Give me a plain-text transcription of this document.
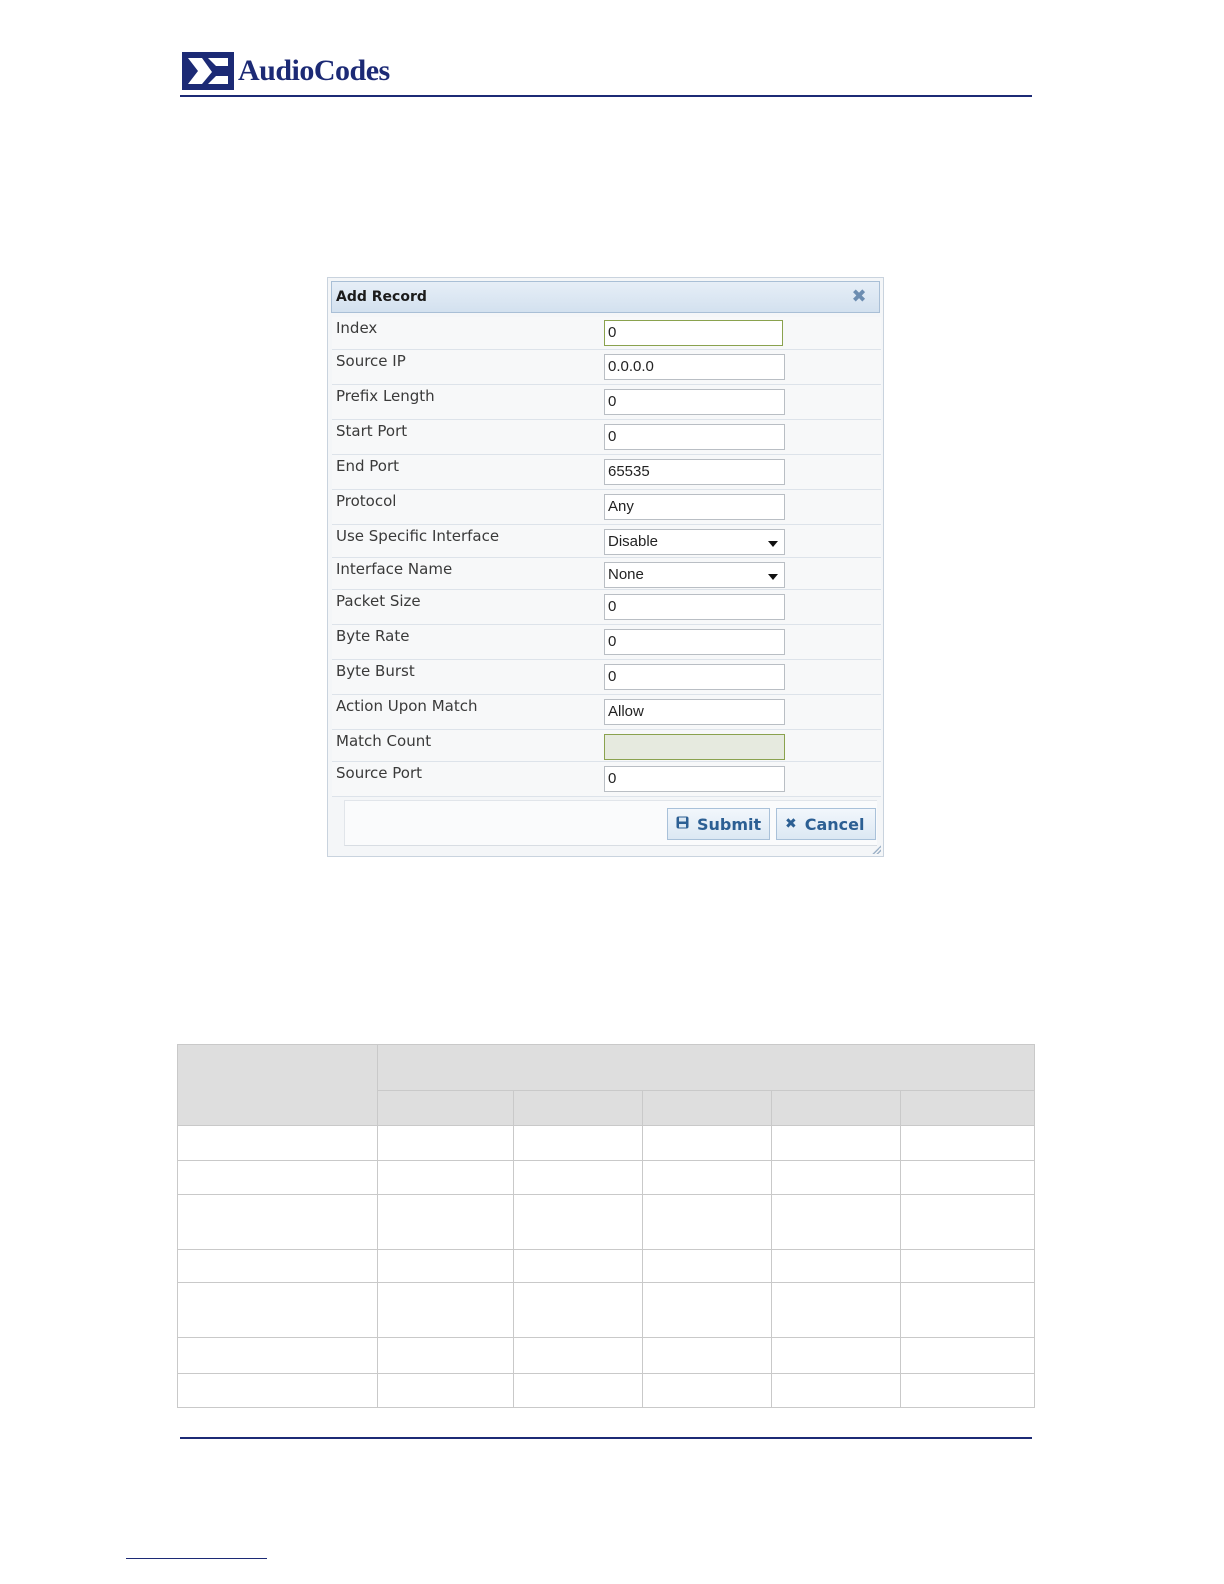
AudioCodes
Add Record	✖
Index	0
Source IP	0.0.0.0
Prefix Length	0
Start Port	0
End Port	65535
Protocol	Any
Use Specific Interface	Disable
Interface Name	None
Packet Size	0
Byte Rate	0
Byte Burst	0
Action Upon Match	Allow
Match Count
Source Port	0
Submit ✖ Cancel
